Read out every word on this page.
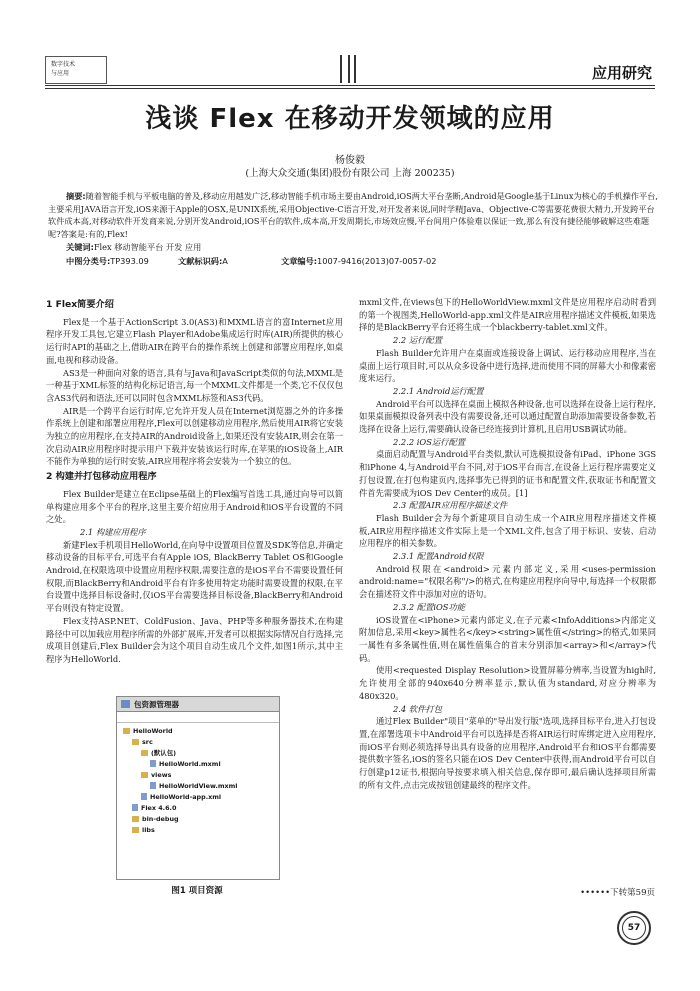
数字技术
与应用	应用研究
浅谈 Flex 在移动开发领域的应用
杨俊毅
(上海大众交通(集团)股份有限公司 上海 200235)
摘要:随着智能手机与平板电脑的普及,移动应用越发广泛,移动智能手机市场主要由Android,iOS两大平台垄断,Android是Google基于Linux为核心的手机操作平台,主要采用JAVA语言开发,iOS来源于Apple的OSX,是UNIX系统,采用Objective-C语言开发,对开发者来说,同时学精Java、Objective-C等需要花费很大精力,开发跨平台软件成本高,对移动软件开发商来说,分别开发Android,iOS平台的软件,成本高,开发周期长,市场效应慢,平台间用户体验难以保证一致,那么有没有捷径能够破解这些难题呢?答案是:有的,Flex!
关键词:Flex 移动智能平台 开发 应用
中图分类号:TP393.09	文献标识码:A	文章编号:1007-9416(2013)07-0057-02
1 Flex简要介绍

Flex是一个基于ActionScript 3.0(AS3)和MXML语言的富Internet应用程序开发工具包,它建立Flash Player和Adobe集成运行时库(AIR)所提供的核心运行时API的基础之上,借助AIR在跨平台的操作系统上创建和部署应用程序,如桌面,电视和移动设备。

AS3是一种面向对象的语言,具有与Java和JavaScript类似的句法,MXML是一种基于XML标签的结构化标记语言,每一个MXML文件都是一个类,它不仅仅包含AS3代码和语法,还可以同时包含MXML标签和AS3代码。

AIR是一个跨平台运行时库,它允许开发人员在Internet浏览器之外的许多操作系统上创建和部署应用程序,Flex可以创建移动应用程序,然后使用AIR将它安装为独立的应用程序,在支持AIR的Android设备上,如果还没有安装AIR,则会在第一次启动AIR应用程序时提示用户下载并安装该运行时库,在苹果的iOS设备上,AIR不能作为单独的运行时安装,AIR应用程序将会安装为一个独立的包。

2 构建并打包移动应用程序

Flex Builder是建立在Eclipse基础上的Flex编写首选工具,通过向导可以简单构建应用多个平台的程序,这里主要介绍应用于Android和iOS平台设置的不同之处。

2.1 构建应用程序

新建Flex手机项目HelloWorld,在向导中设置项目位置及SDK等信息,并确定移动设备的目标平台,可选平台有Apple iOS, BlackBerry Tablet OS和Google Android,在权限选项中设置应用程序权限,需要注意的是iOS平台不需要设置任何权限,而BlackBerry和Android平台有许多使用特定功能时需要设置的权限,在平台设置中选择目标设备时,仅iOS平台需要选择目标设备,BlackBerry和Android平台则没有特定设置。

Flex支持ASP.NET、ColdFusion、Java、PHP等多种服务器技术,在构建路径中可以加载应用程序所需的外部扩展库,开发者可以根据实际情况自行选择,完成项目创建后,Flex Builder会为这个项目自动生成几个文件,如图1所示,其中主程序为HelloWorld.

包资源管理器
HelloWorld
src
(默认包)
HelloWorld.mxml
views
HelloWorldView.mxml
HelloWorld-app.xml
Flex 4.6.0
bin-debug
libs
图1 项目资源

mxml文件,在views包下的HelloWorldView.mxml文件是应用程序启动时看到的第一个视图类,HelloWorld-app.xml文件是AIR应用程序描述文件模板,如果选择的是BlackBerry平台还将生成一个blackberry-tablet.xml文件。

2.2 运行配置

Flash Builder允许用户在桌面或连接设备上调试、运行移动应用程序,当在桌面上运行项目时,可以从众多设备中进行选择,进而使用不同的屏幕大小和像素密度来运行。

2.2.1 Android运行配置

Android平台可以选择在桌面上模拟各种设备,也可以选择在设备上运行程序,如果桌面模拟设备列表中没有需要设备,还可以通过配置自助添加需要设备参数,若选择在设备上运行,需要确认设备已经连接到计算机,且启用USB调试功能。

2.2.2 iOS运行配置

桌面启动配置与Android平台类似,默认可选模拟设备有iPad、iPhone 3GS和iPhone 4,与Android平台不同,对于iOS平台而言,在设备上运行程序需要定义打包设置,在打包构建页内,选择事先已得到的证书和配置文件,获取证书和配置文件首先需要成为iOS Dev Center的成员。[1]

2.3 配置AIR应用程序描述文件

Flash Builder会为每个新建项目自动生成一个AIR应用程序描述文件模板,AIR应用程序描述文件实际上是一个XML文件,包含了用于标识、安装、启动应用程序的相关参数。

2.3.1 配置Android权限

Android权限在<android>元素内部定义,采用<uses-permission android:name="权限名称"/>的格式,在构建应用程序向导中,每选择一个权限都会在描述符文件中添加对应的语句。

2.3.2 配置iOS功能

iOS设置在<iPhone>元素内部定义,在子元素<InfoAdditions>内部定义附加信息,采用<key>属性名</key><string>属性值</string>的格式,如果同一属性有多条属性值,则在属性值集合的首末分别添加<array>和</array>代码。

使用<requested Display Resolution>设置屏幕分辨率,当设置为high时,允许使用全部的940x640分辨率显示,默认值为standard,对应分辨率为480x320。

2.4 软件打包

通过Flex Builder"项目"菜单的"导出发行版"选项,选择目标平台,进入打包设置,在部署选项卡中Android平台可以选择是否将AIR运行时库绑定进入应用程序,而iOS平台则必须选择导出具有设备的应用程序,Android平台和iOS平台都需要提供数字签名,iOS的签名只能在iOS Dev Center中获得,而Android平台可以自行创建p12证书,根据向导按要求填入相关信息,保存即可,最后确认选择项目所需的所有文件,点击完成按钮创建最终的程序文件。

••••••下转第59页
57
